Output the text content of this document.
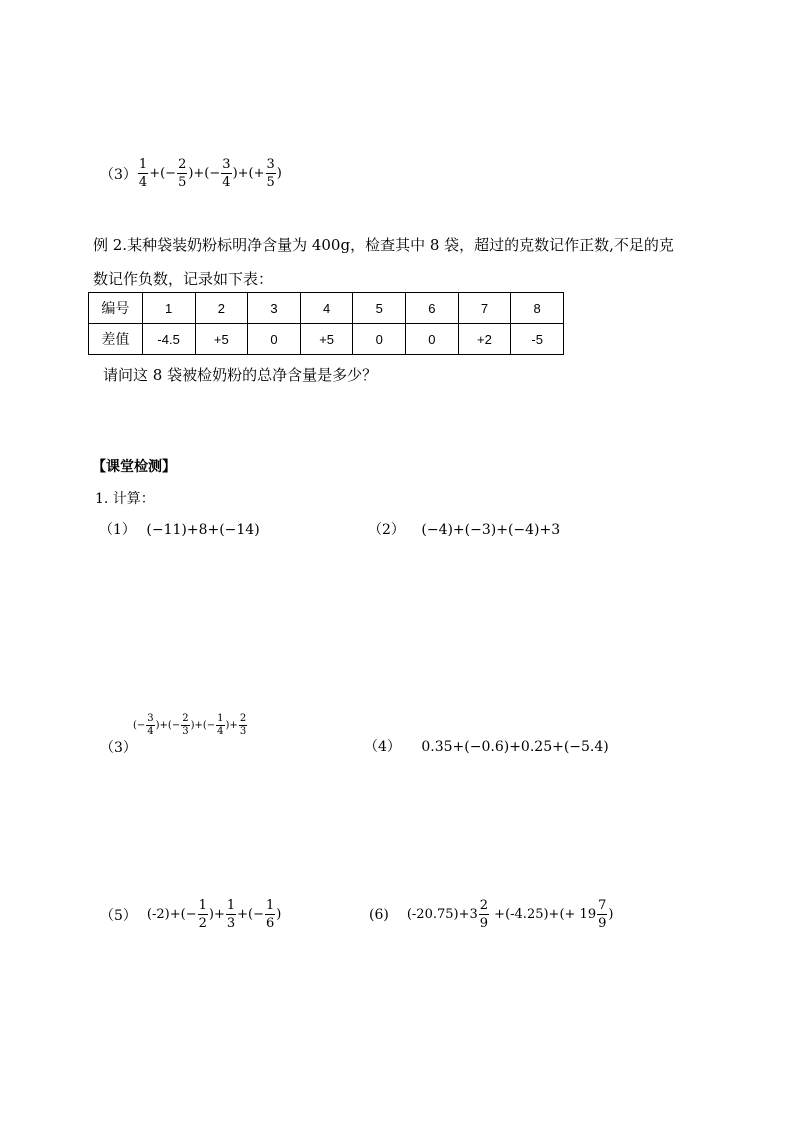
$(3) \frac{1}{4}$ +(− $\frac{2}{5}$ )+(− $\frac{3}{4}$ )+(+ $\frac{3}{5}$ )
例 2.某种袋装奶粉标明净含量为 400g，检查其中 8 袋，超过的克数记作正数,不足的克
数记作负数，记录如下表：
编号	1	2	3	4	5	6	7	8
差值	-4.5	+5	0	+5	0	0	+2	-5
请问这 8 袋被检奶粉的总净含量是多少？
【课堂检测】
1. 计算：
（1） (−11)+8+(−14)	（2） (−4)+(−3)+(−4)+3
（3）
(− $\frac{3}{4}$ )+(− $\frac{2}{3}$ )+(− $\frac{1}{4}$ )+ $\frac{2}{3}$
（4） 0.35+(−0.6)+0.25+(−5.4)
（5） $(-2)+(- \frac{1}{2}$ )+ $\frac{1}{3}$ +(− $\frac{1}{6}$ )	(6) $(-20.75)+3 \frac{2}{9} +(-4.25)+(+ 19 \frac{7}{9}$ )
